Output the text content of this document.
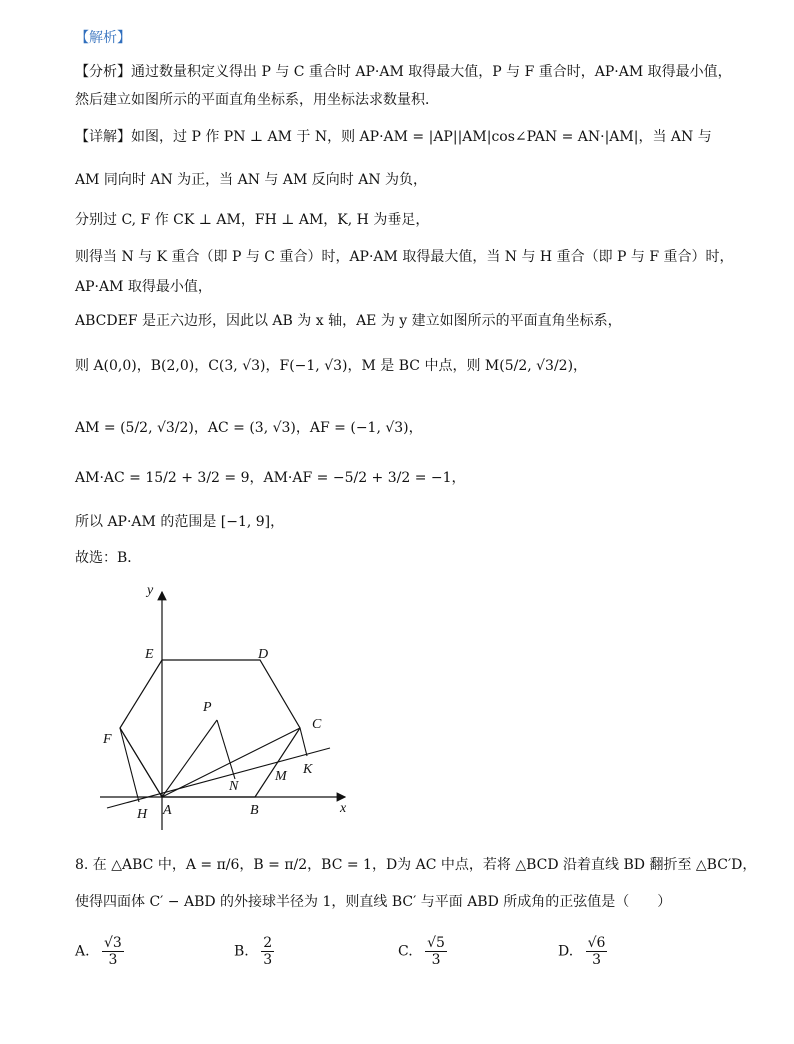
【解析】
【分析】通过数量积定义得出 P 与 C 重合时 AP·AM 取得最大值，P 与 F 重合时，AP·AM 取得最小值，
然后建立如图所示的平面直角坐标系，用坐标法求数量积．
【详解】如图，过 P 作 PN ⊥ AM 于 N，则 AP·AM = |AP||AM|cos∠PAN = AN·|AM|，当 AN 与
AM 同向时 AN 为正，当 AN 与 AM 反向时 AN 为负，
分别过 C, F 作 CK ⊥ AM，FH ⊥ AM，K, H 为垂足，
则得当 N 与 K 重合（即 P 与 C 重合）时，AP·AM 取得最大值，当 N 与 H 重合（即 P 与 F 重合）时，
AP·AM 取得最小值，
ABCDEF 是正六边形，因此以 AB 为 x 轴，AE 为 y 建立如图所示的平面直角坐标系，
则 A(0,0)，B(2,0)，C(3, √3)，F(−1, √3)，M 是 BC 中点，则 M(5/2, √3/2)，
AM = (5/2, √3/2)，AC = (3, √3)，AF = (−1, √3)，
AM·AC = 15/2 + 3/2 = 9，AM·AF = −5/2 + 3/2 = −1，
所以 AP·AM 的范围是 [−1, 9]，
故选：B．
y
x
E	D
P
C
F
N
M K
A	B
H
8. 在 △ABC 中，A = π/6，B = π/2，BC = 1，D为 AC 中点，若将 △BCD 沿着直线 BD 翻折至 △BC′D，
使得四面体 C′ − ABD 的外接球半径为 1，则直线 BC′ 与平面 ABD 所成角的正弦值是（　　）
A. $\frac{√3}{3}$	B. $\frac{2}{3}$	C. $\frac{√5}{3}$	D. $\frac{√6}{3}$
